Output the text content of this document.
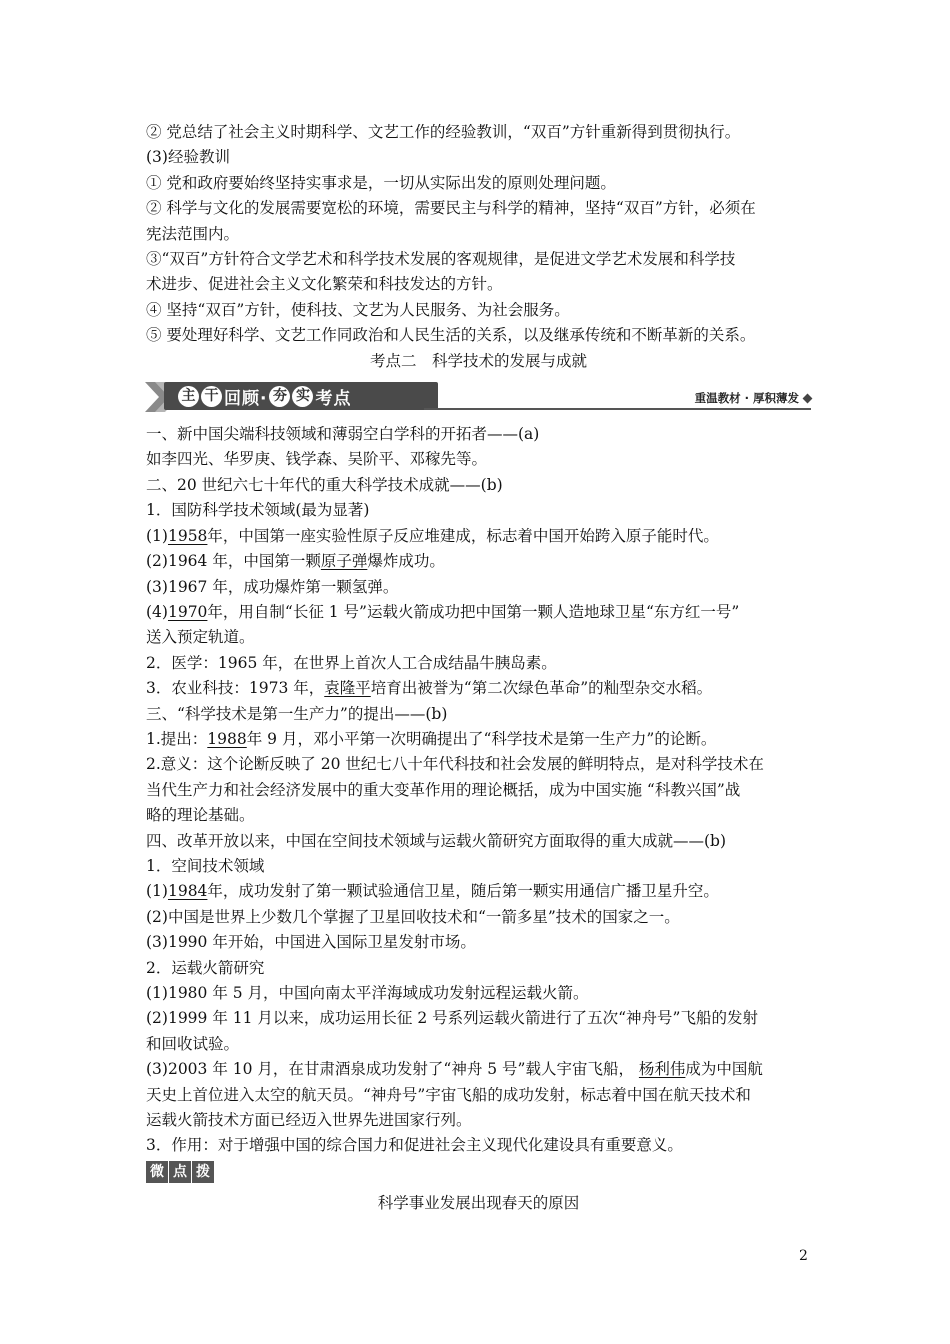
② 党总结了社会主义时期科学、文艺工作的经验教训，“双百”方针重新得到贯彻执行。
(3)经验教训
① 党和政府要始终坚持实事求是，一切从实际出发的原则处理问题。
② 科学与文化的发展需要宽松的环境，需要民主与科学的精神，坚持“双百”方针，必须在
宪法范围内。
③“双百”方针符合文学艺术和科学技术发展的客观规律，是促进文学艺术发展和科学技
术进步、促进社会主义文化繁荣和科技发达的方针。
④ 坚持“双百”方针，使科技、文艺为人民服务、为社会服务。
⑤ 要处理好科学、文艺工作同政治和人民生活的关系，以及继承传统和不断革新的关系。
考点二　科学技术的发展与成就
主 干 回顾· 夯 实 考点	重温教材 · 厚积薄发
一、新中国尖端科技领域和薄弱空白学科的开拓者——(a)
如李四光、华罗庚、钱学森、吴阶平、邓稼先等。
二、20 世纪六七十年代的重大科学技术成就——(b)
1．国防科学技术领域(最为显著)
(1)1958年，中国第一座实验性原子反应堆建成，标志着中国开始跨入原子能时代。
(2)1964 年，中国第一颗原子弹爆炸成功。
(3)1967 年，成功爆炸第一颗氢弹。
(4)1970年，用自制“长征 1 号”运载火箭成功把中国第一颗人造地球卫星“东方红一号”
送入预定轨道。
2．医学：1965 年，在世界上首次人工合成结晶牛胰岛素。
3．农业科技：1973 年，袁隆平培育出被誉为“第二次绿色革命”的籼型杂交水稻。
三、“科学技术是第一生产力”的提出——(b)
1.提出：1988年 9 月，邓小平第一次明确提出了“科学技术是第一生产力”的论断。
2.意义：这个论断反映了 20 世纪七八十年代科技和社会发展的鲜明特点，是对科学技术在
当代生产力和社会经济发展中的重大变革作用的理论概括，成为中国实施 “科教兴国”战
略的理论基础。
四、改革开放以来，中国在空间技术领域与运载火箭研究方面取得的重大成就——(b)
1．空间技术领域
(1)1984年，成功发射了第一颗试验通信卫星，随后第一颗实用通信广播卫星升空。
(2)中国是世界上少数几个掌握了卫星回收技术和“一箭多星”技术的国家之一。
(3)1990 年开始，中国进入国际卫星发射市场。
2．运载火箭研究
(1)1980 年 5 月，中国向南太平洋海域成功发射远程运载火箭。
(2)1999 年 11 月以来，成功运用长征 2 号系列运载火箭进行了五次“神舟号”飞船的发射
和回收试验。
(3)2003 年 10 月，在甘肃酒泉成功发射了“神舟 5 号”载人宇宙飞船， 杨利伟成为中国航
天史上首位进入太空的航天员。“神舟号”宇宙飞船的成功发射，标志着中国在航天技术和
运载火箭技术方面已经迈入世界先进国家行列。
3．作用：对于增强中国的综合国力和促进社会主义现代化建设具有重要意义。
微 点 拨
科学事业发展出现春天的原因
2
